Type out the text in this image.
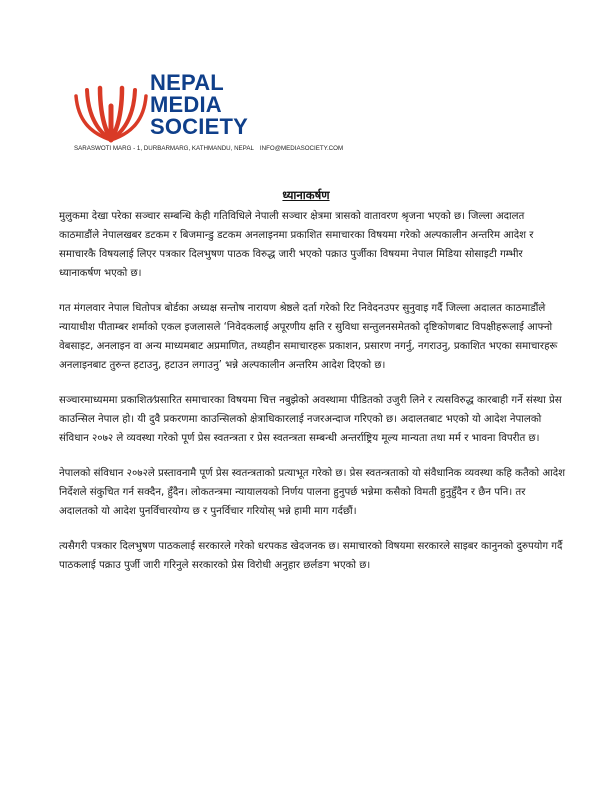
NEPAL
MEDIA
SOCIETY
SARASWOTI MARG - 1, DURBARMARG, KATHMANDU, NEPAL INFO@MEDIASOCIETY.COM
ध्यानाकर्षण

मुलुकमा देखा परेका सञ्चार सम्बन्धि केही गतिविधिले नेपाली सञ्चार क्षेत्रमा त्रासको वातावरण श्रृजना भएको छ। जिल्ला अदालत काठमाडौंले नेपालखबर डटकम र बिजमान्डु डटकम अनलाइनमा प्रकाशित समाचारका विषयमा गरेको अल्पकालीन अन्तरिम आदेश र समाचारकै विषयलाई लिएर पत्रकार दिलभुषण पाठक विरुद्ध जारी भएको पक्राउ पुर्जीका विषयमा नेपाल मिडिया सोसाइटी गम्भीर ध्यानाकर्षण भएको छ।

गत मंगलवार नेपाल धितोपत्र बोर्डका अध्यक्ष सन्तोष नारायण श्रेष्ठले दर्ता गरेको रिट निवेदनउपर सुनुवाइ गर्दै जिल्ला अदालत काठमाडौंले न्यायाधीश पीताम्बर शर्माको एकल इजलासले ‘निवेदकलाई अपूरणीय क्षति र सुविधा सन्तुलनसमेतको दृष्टिकोणबाट विपक्षीहरूलाई आफ्नो वेबसाइट, अनलाइन वा अन्य माध्यमबाट अप्रमाणित, तथ्यहीन समाचारहरू प्रकाशन, प्रसारण नगर्नु, नगराउनु, प्रकाशित भएका समाचारहरू अनलाइनबाट तुरुन्त हटाउनु, हटाउन लगाउनु’ भन्ने अल्पकालीन अन्तरिम आदेश दिएको छ।

सञ्चारमाध्यममा प्रकाशित⁄प्रसारित समाचारका विषयमा चित्त नबुझेको अवस्थामा पीडितको उजुरी लिने र त्यसविरुद्ध कारबाही गर्ने संस्था प्रेस काउन्सिल नेपाल हो। यी दुवै प्रकरणमा काउन्सिलको क्षेत्राधिकारलाई नजरअन्दाज गरिएको छ। अदालतबाट भएको यो आदेश नेपालको संविधान २०७२ ले व्यवस्था गरेको पूर्ण प्रेस स्वतन्त्रता र प्रेस स्वतन्त्रता सम्बन्धी अन्तर्राष्ट्रिय मूल्य मान्यता तथा मर्म र भावना विपरीत छ।

नेपालको संविधान २०७२ले प्रस्तावनामै पूर्ण प्रेस स्वतन्त्रताको प्रत्याभूत गरेको छ। प्रेस स्वतन्त्रताको यो संवैधानिक व्यवस्था कहि कतैको आदेश निर्देशले संकुचित गर्न सक्दैन, हुँदैन। लोकतन्त्रमा न्यायालयको निर्णय पालना हुनुपर्छ भन्नेमा कसैको विमती हुनुहुँदैन र छैन पनि। तर अदालतको यो आदेश पुनर्विचारयोग्य छ र पुनर्विचार गरियोस् भन्ने हामी माग गर्दछौं।

त्यसैगरी पत्रकार दिलभुषण पाठकलाई सरकारले गरेको धरपकड खेदजनक छ। समाचारको विषयमा सरकारले साइबर कानुनको दुरुपयोग गर्दै पाठकलाई पक्राउ पुर्जी जारी गरिनुले सरकारको प्रेस विरोधी अनुहार छर्लङग भएको छ।
